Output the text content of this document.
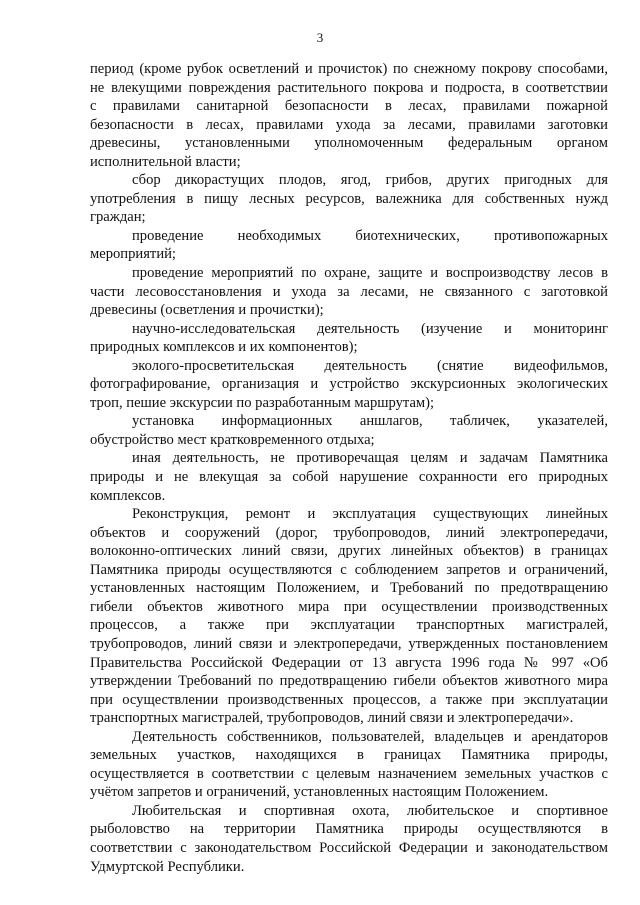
3
период (кроме рубок осветлений и прочисток) по снежному покрову способами,
не влекущими повреждения растительного покрова и подроста, в соответствии
с правилами санитарной безопасности в лесах, правилами пожарной
безопасности в лесах, правилами ухода за лесами, правилами заготовки
древесины, установленными уполномоченным федеральным органом
исполнительной власти;
сбор дикорастущих плодов, ягод, грибов, других пригодных для
употребления в пищу лесных ресурсов, валежника для собственных нужд
граждан;
проведение необходимых биотехнических, противопожарных
мероприятий;
проведение мероприятий по охране, защите и воспроизводству лесов в
части лесовосстановления и ухода за лесами, не связанного с заготовкой
древесины (осветления и прочистки);
научно-исследовательская деятельность (изучение и мониторинг
природных комплексов и их компонентов);
эколого-просветительская деятельность (снятие видеофильмов,
фотографирование, организация и устройство экскурсионных экологических
троп, пешие экскурсии по разработанным маршрутам);
установка информационных аншлагов, табличек, указателей,
обустройство мест кратковременного отдыха;
иная деятельность, не противоречащая целям и задачам Памятника
природы и не влекущая за собой нарушение сохранности его природных
комплексов.
Реконструкция, ремонт и эксплуатация существующих линейных
объектов и сооружений (дорог, трубопроводов, линий электропередачи,
волоконно-оптических линий связи, других линейных объектов) в границах
Памятника природы осуществляются с соблюдением запретов и ограничений,
установленных настоящим Положением, и Требований по предотвращению
гибели объектов животного мира при осуществлении производственных
процессов, а также при эксплуатации транспортных магистралей,
трубопроводов, линий связи и электропередачи, утвержденных постановлением
Правительства Российской Федерации от 13 августа 1996 года № 997 «Об
утверждении Требований по предотвращению гибели объектов животного мира
при осуществлении производственных процессов, а также при эксплуатации
транспортных магистралей, трубопроводов, линий связи и электропередачи».
Деятельность собственников, пользователей, владельцев и арендаторов
земельных участков, находящихся в границах Памятника природы,
осуществляется в соответствии с целевым назначением земельных участков с
учётом запретов и ограничений, установленных настоящим Положением.
Любительская и спортивная охота, любительское и спортивное
рыболовство на территории Памятника природы осуществляются в
соответствии с законодательством Российской Федерации и законодательством
Удмуртской Республики.
